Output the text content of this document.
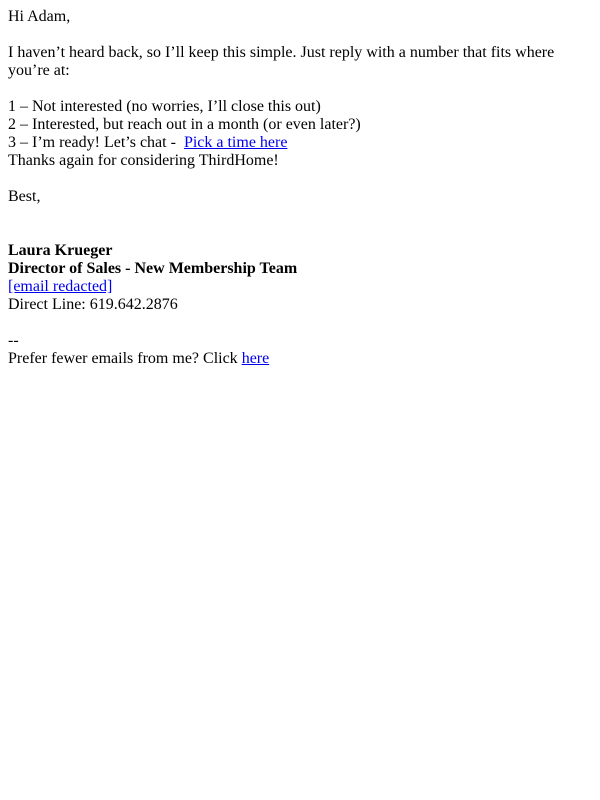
Hi Adam,

I haven’t heard back, so I’ll keep this simple. Just reply with a number that fits where you’re at:

1 – Not interested (no worries, I’ll close this out)
2 – Interested, but reach out in a month (or even later?)
3 – I’m ready! Let’s chat -  Pick a time here
Thanks again for considering ThirdHome!
Best,
Laura Krueger
Director of Sales - New Membership Team
[email redacted]
Direct Line: 619.642.2876
--
Prefer fewer emails from me? Click here
